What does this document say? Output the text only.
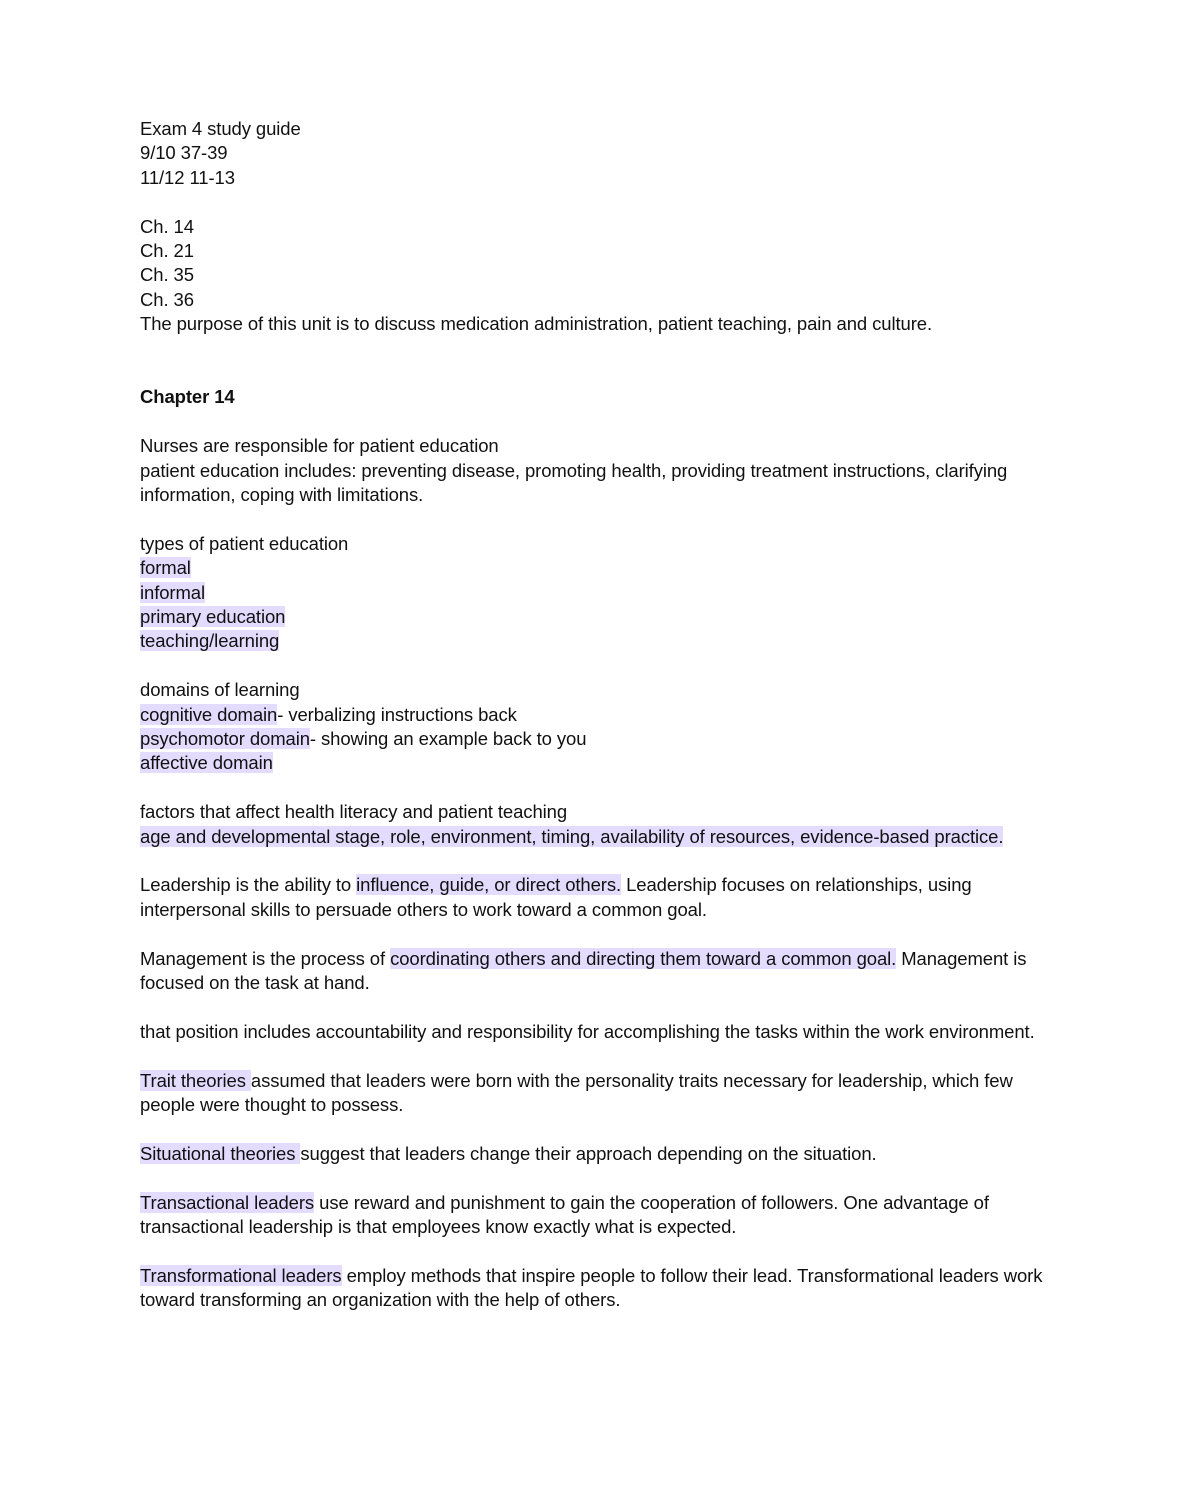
Exam 4 study guide
9/10 37-39
11/12 11-13
Ch. 14
Ch. 21
Ch. 35
Ch. 36
The purpose of this unit is to discuss medication administration, patient teaching, pain and culture.
Chapter 14
Nurses are responsible for patient education

patient education includes: preventing disease, promoting health, providing treatment instructions, clarifying information, coping with limitations.

types of patient education
formal
informal
primary education
teaching/learning
domains of learning
cognitive domain- verbalizing instructions back
psychomotor domain- showing an example back to you
affective domain
factors that affect health literacy and patient teaching

age and developmental stage, role, environment, timing, availability of resources, evidence-based practice.

Leadership is the ability to influence, guide, or direct others. Leadership focuses on relationships, using interpersonal skills to persuade others to work toward a common goal.

Management is the process of coordinating others and directing them toward a common goal. Management is focused on the task at hand.

that position includes accountability and responsibility for accomplishing the tasks within the work environment.

Trait theories assumed that leaders were born with the personality traits necessary for leadership, which few people were thought to possess.

Situational theories suggest that leaders change their approach depending on the situation.

Transactional leaders use reward and punishment to gain the cooperation of followers. One advantage of transactional leadership is that employees know exactly what is expected.

Transformational leaders employ methods that inspire people to follow their lead. Transformational leaders work toward transforming an organization with the help of others.
